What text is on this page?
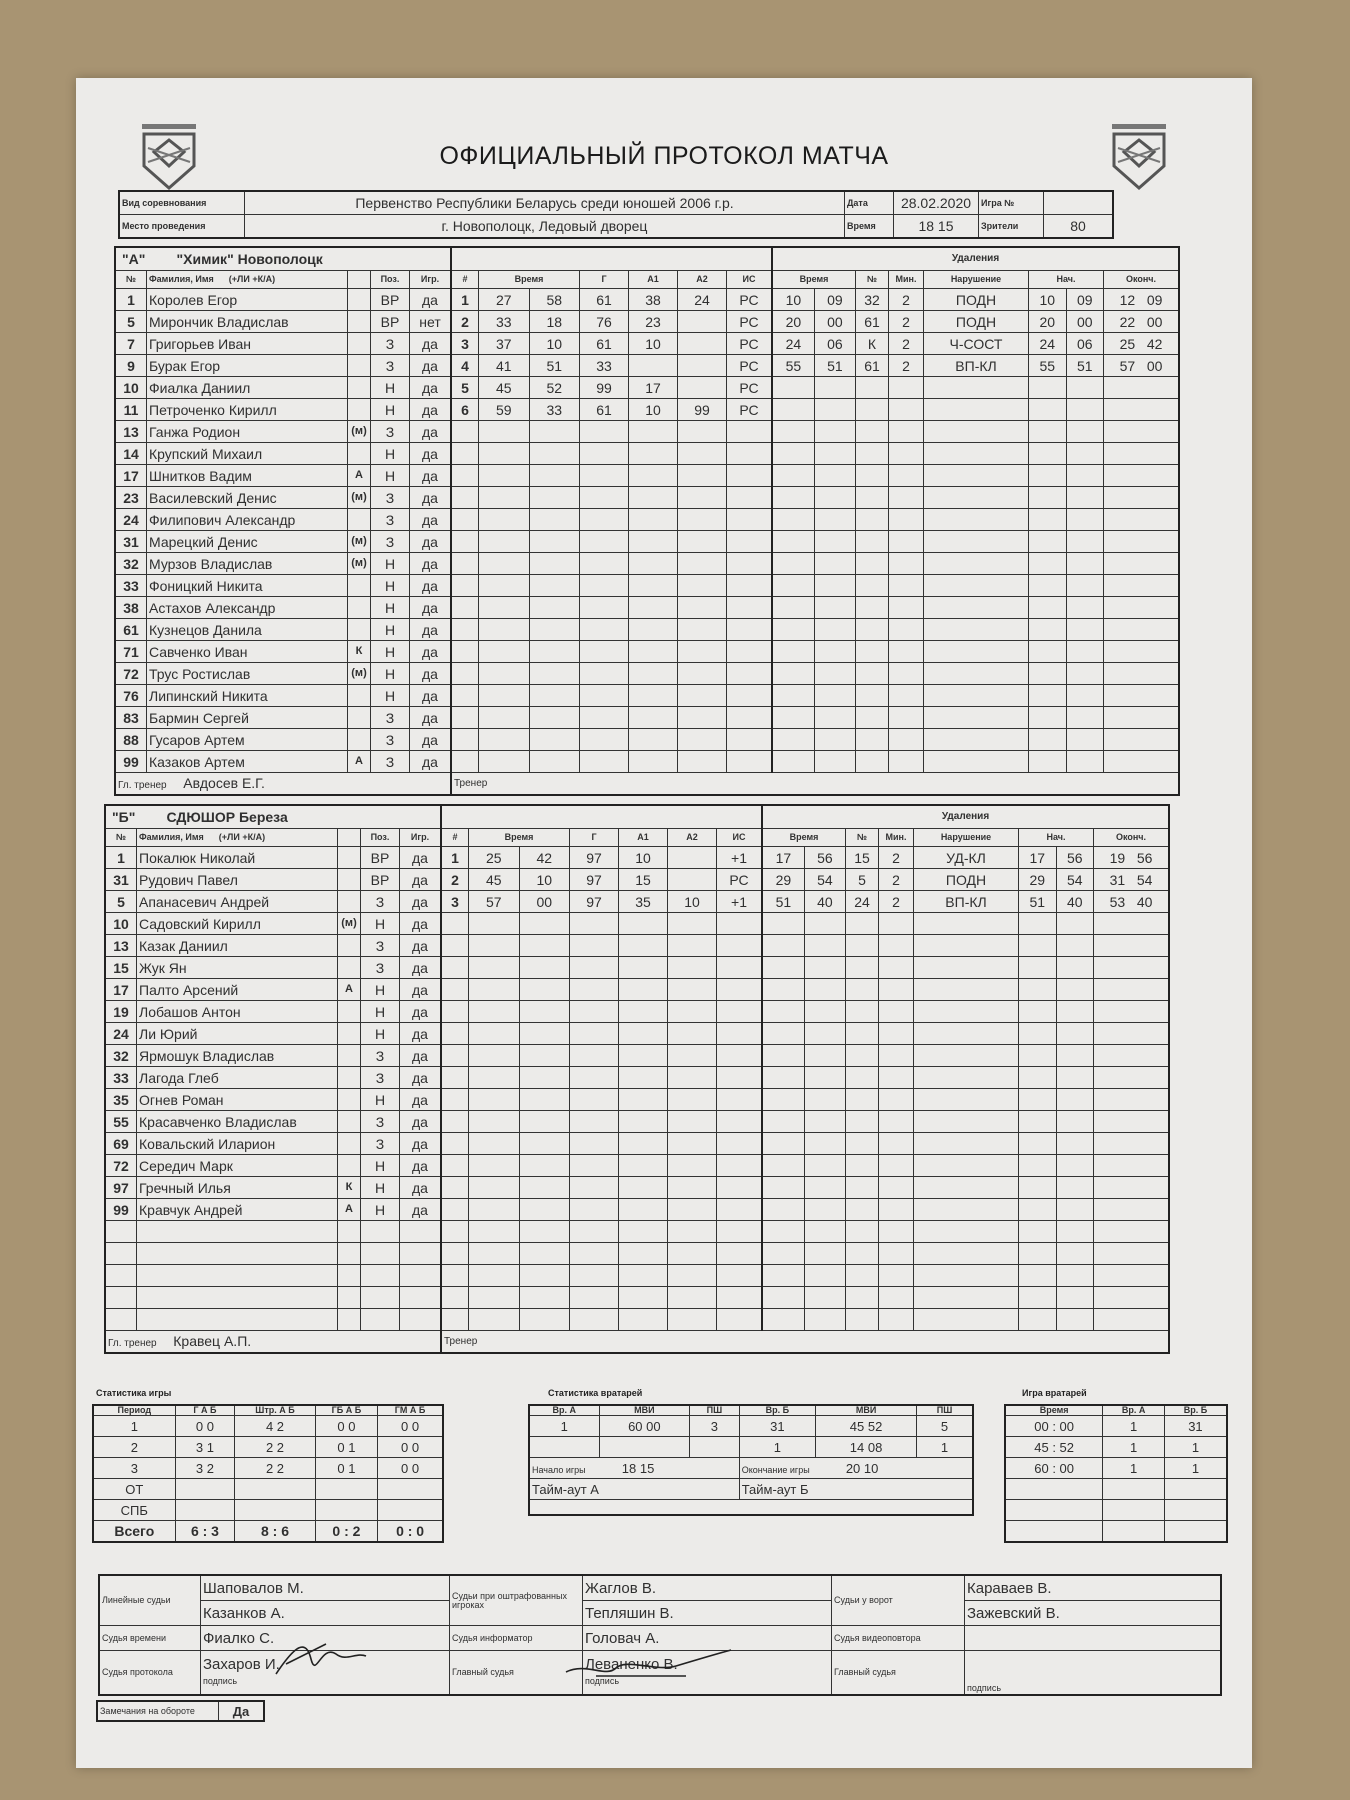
ОФИЦИАЛЬНЫЙ ПРОТОКОЛ МАТЧА
Вид соревнования	Первенство Республики Беларусь среди юношей 2006 г.р.	Дата	28.02.2020	Игра №	
Место проведения	г. Новополоцк, Ледовый дворец	Время	18 15	Зрители	80
"А" "Химик" Новополоцк												Удаления							
№	Фамилия, Имя (+ЛИ +К/А)		Поз.	Игр.	#	Время		Г	А1	А2	ИС	Время		№	Мин.	Нарушение	Нач.		Оконч.
1	Королев Егор		ВР	да	1	27	58	61	38	24	РС	10	09	32	2	ПОДН	10	09	12 09
5	Мирончик Владислав		ВР	нет	2	33	18	76	23		РС	20	00	61	2	ПОДН	20	00	22 00
7	Григорьев Иван		З	да	3	37	10	61	10		РС	24	06	К	2	Ч-СОСТ	24	06	25 42
9	Бурак Егор		З	да	4	41	51	33			РС	55	51	61	2	ВП-КЛ	55	51	57 00
10	Фиалка Даниил		Н	да	5	45	52	99	17		РС								
11	Петроченко Кирилл		Н	да	6	59	33	61	10	99	РС								
13	Ганжа Родион	(м)	З	да															
14	Крупский Михаил		Н	да															
17	Шнитков Вадим	А	Н	да															
23	Василевский Денис	(м)	З	да															
24	Филипович Александр		З	да															
31	Марецкий Денис	(м)	З	да															
32	Мурзов Владислав	(м)	Н	да															
33	Фоницкий Никита		Н	да															
38	Астахов Александр		Н	да															
61	Кузнецов Данила		Н	да															
71	Савченко Иван	К	Н	да															
72	Трус Ростислав	(м)	Н	да															
76	Липинский Никита		Н	да															
83	Бармин Сергей		З	да															
88	Гусаров Артем		З	да															
99	Казаков Артем	А	З	да															
Гл. тренер Авдосев Е.Г.					Тренер														
"Б" СДЮШОР Береза												Удаления							
№	Фамилия, Имя (+ЛИ +К/А)		Поз.	Игр.	#	Время		Г	А1	А2	ИС	Время		№	Мин.	Нарушение	Нач.		Оконч.
1	Покалюк Николай		ВР	да	1	25	42	97	10		+1	17	56	15	2	УД-КЛ	17	56	19 56
31	Рудович Павел		ВР	да	2	45	10	97	15		РС	29	54	5	2	ПОДН	29	54	31 54
5	Апанасевич Андрей		З	да	3	57	00	97	35	10	+1	51	40	24	2	ВП-КЛ	51	40	53 40
10	Садовский Кирилл	(м)	Н	да															
13	Казак Даниил		З	да															
15	Жук Ян		З	да															
17	Палто Арсений	А	Н	да															
19	Лобашов Антон		Н	да															
24	Ли Юрий		Н	да															
32	Ярмошук Владислав		З	да															
33	Лагода Глеб		З	да															
35	Огнев Роман		Н	да															
55	Красавченко Владислав		З	да															
69	Ковальский Иларион		З	да															
72	Середич Марк		Н	да															
97	Гречный Илья	К	Н	да															
99	Кравчук Андрей	А	Н	да															

Гл. тренер Кравец А.П.					Тренер														
Статистика игры
Период	Г А Б	Штр. А Б	ГБ А Б	ГМ А Б
1	0 0	4 2	0 0	0 0
2	3 1	2 2	0 1	0 0
3	3 2	2 2	0 1	0 0
ОТ				
СПБ				
Всего	6 : 3	8 : 6	0 : 2	0 : 0
Статистика вратарей
Вр. А	МВИ	ПШ	Вр. Б	МВИ	ПШ
1	60 00	3	31	45 52	5
			1	14 08	1
Начало игры 18 15			Окончание игры 20 10		
Тайм-аут А			Тайм-аут Б		

Игра вратарей
Время	Вр. А	Вр. Б
00 : 00	1	31
45 : 52	1	1
60 : 00	1	1

Линейные судьи	Шаповалов М.	Судьи при оштрафованных игроках	Жаглов В.	Судьи у ворот	Караваев В.
	Казанков А.		Тепляшин В.		Зажевский В.
Судья времени	Фиалко С.	Судья информатор	Головач А.	Судья видеоповтора	
Судья протокола	Захаров И.
подпись	Главный судья	Леваненко В.
подпись	Главный судья	подпись
Замечания на обороте	Да
